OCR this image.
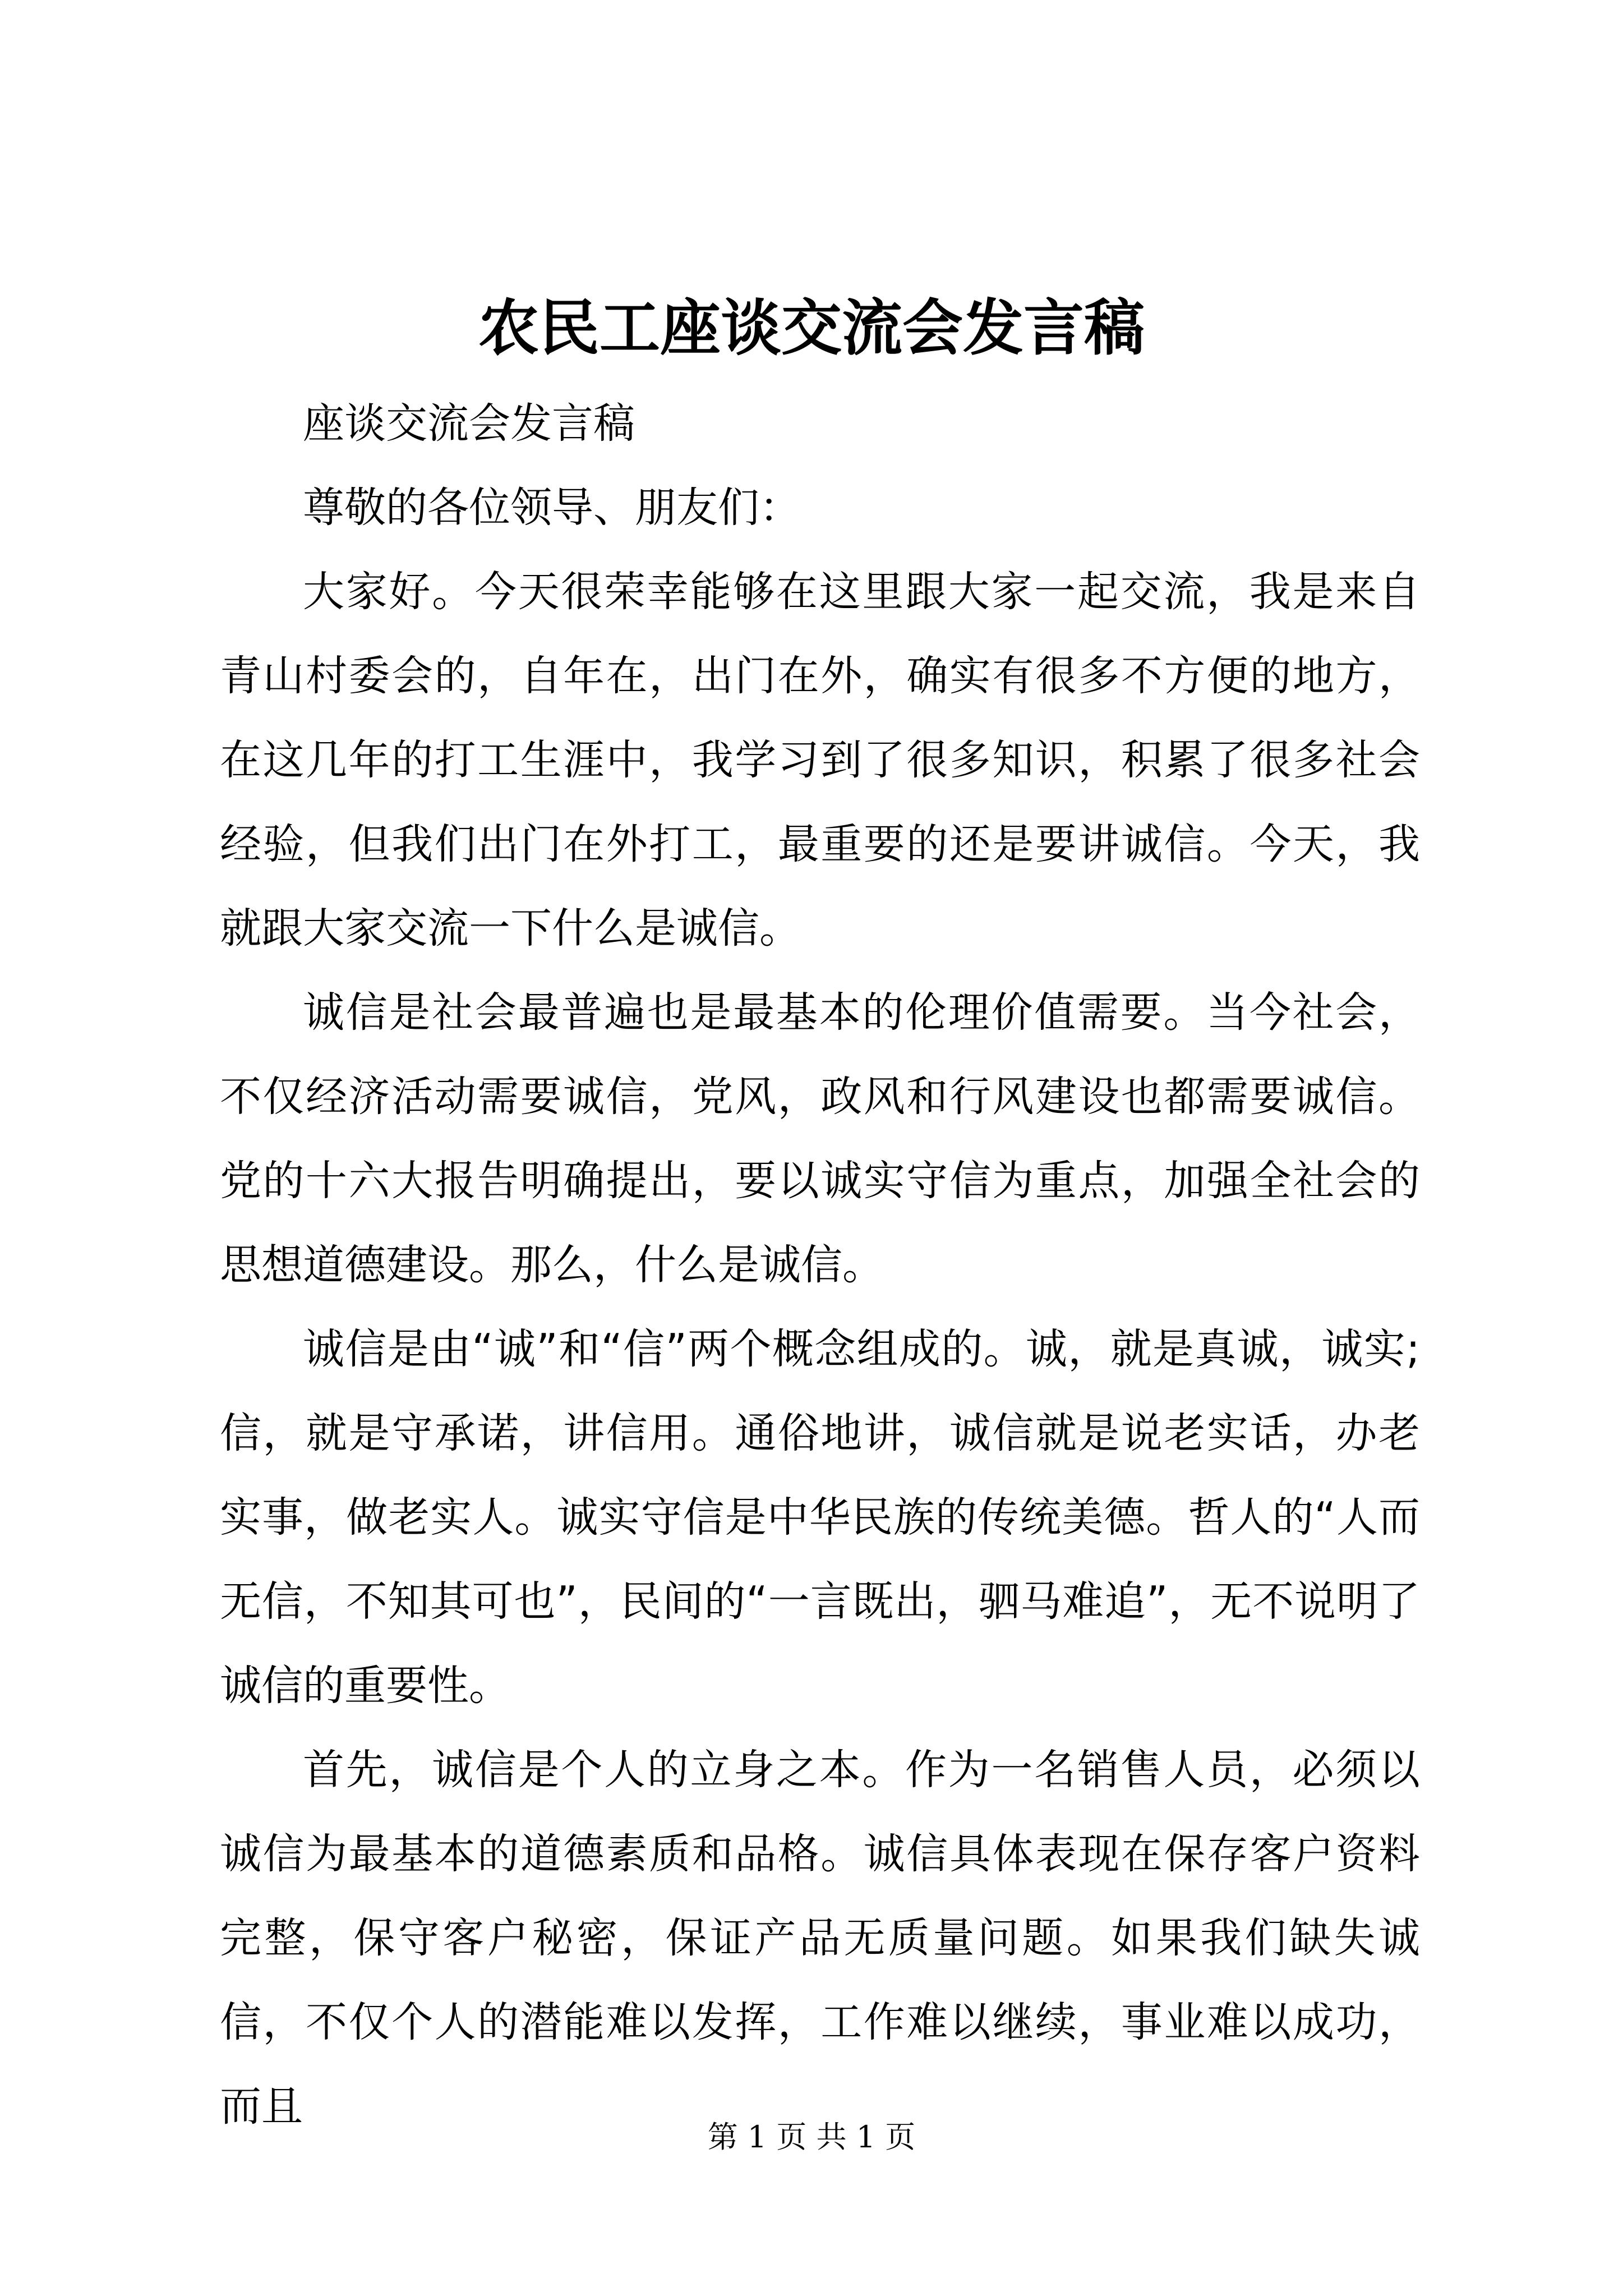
农民工座谈交流会发言稿

座谈交流会发言稿

尊敬的各位领导、朋友们：

大家好。今天很荣幸能够在这里跟大家一起交流，我是来自青山村委会的，自年在，出门在外，确实有很多不方便的地方，在这几年的打工生涯中，我学习到了很多知识，积累了很多社会经验，但我们出门在外打工，最重要的还是要讲诚信。今天，我就跟大家交流一下什么是诚信。

诚信是社会最普遍也是最基本的伦理价值需要。当今社会，不仅经济活动需要诚信，党风，政风和行风建设也都需要诚信。党的十六大报告明确提出，要以诚实守信为重点，加强全社会的思想道德建设。那么，什么是诚信。

诚信是由“诚”和“信”两个概念组成的。诚，就是真诚，诚实;信，就是守承诺，讲信用。通俗地讲，诚信就是说老实话，办老实事，做老实人。诚实守信是中华民族的传统美德。哲人的“人而无信，不知其可也”，民间的“一言既出，驷马难追”，无不说明了诚信的重要性。

首先，诚信是个人的立身之本。作为一名销售人员，必须以诚信为最基本的道德素质和品格。诚信具体表现在保存客户资料完整，保守客户秘密，保证产品无质量问题。如果我们缺失诚信，不仅个人的潜能难以发挥，工作难以继续，事业难以成功，而且

第 1 页 共 1 页
